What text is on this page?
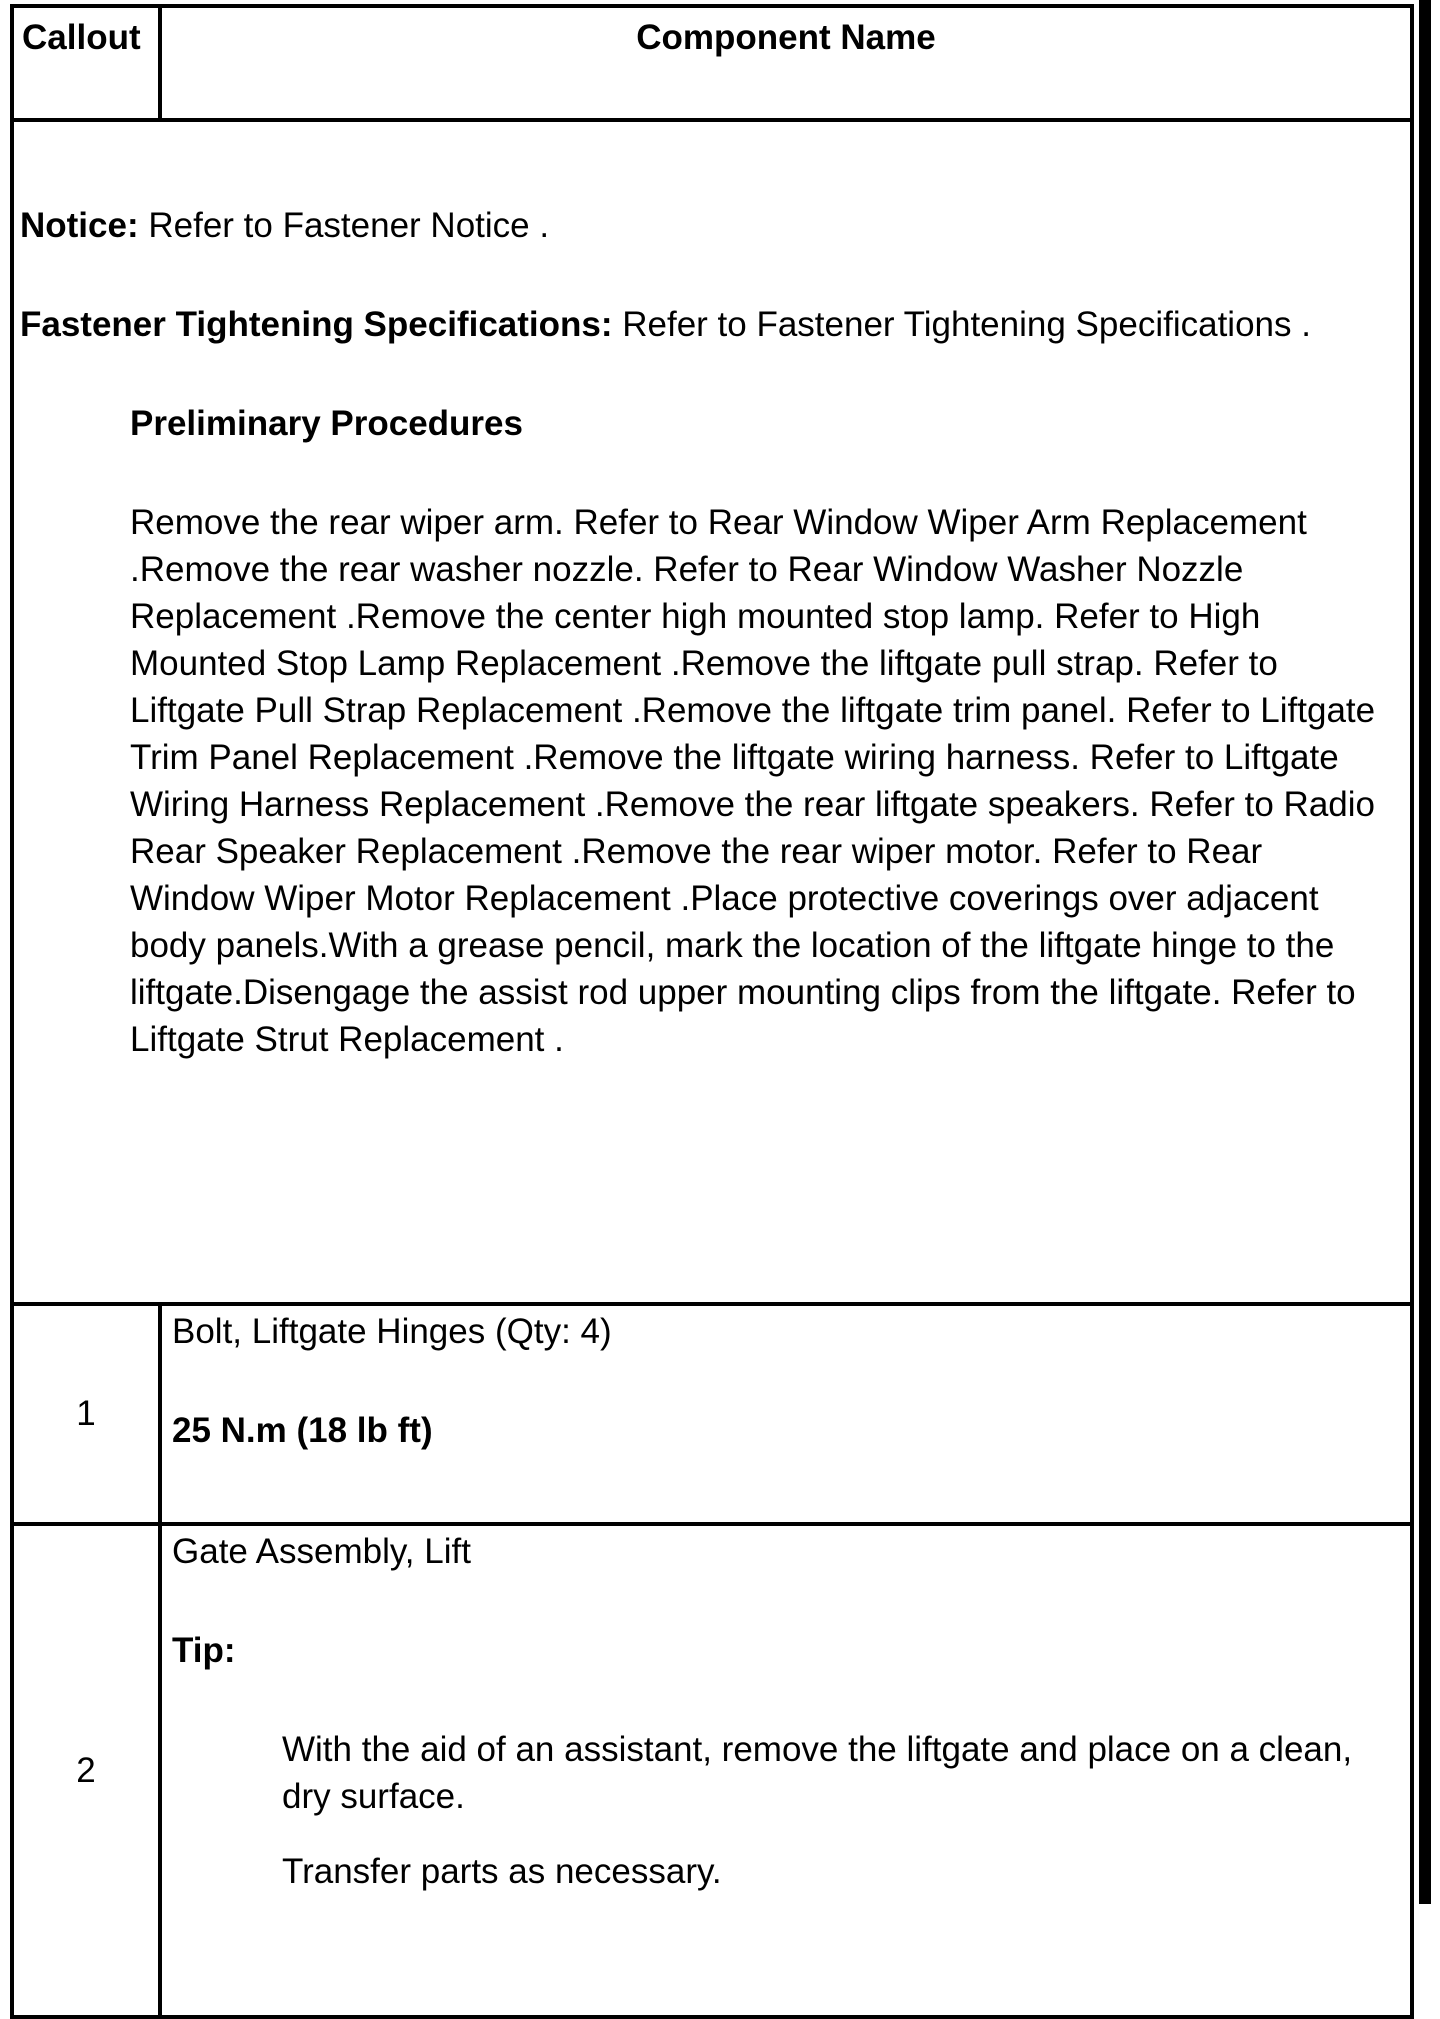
Callout	Component Name

Notice: Refer to Fastener Notice .

Fastener Tightening Specifications: Refer to Fastener Tightening Specifications .

Preliminary Procedures

Remove the rear wiper arm. Refer to Rear Window Wiper Arm Replacement .Remove the rear washer nozzle. Refer to Rear Window Washer Nozzle Replacement .Remove the center high mounted stop lamp. Refer to High Mounted Stop Lamp Replacement .Remove the liftgate pull strap. Refer to Liftgate Pull Strap Replacement .Remove the liftgate trim panel. Refer to Liftgate Trim Panel Replacement .Remove the liftgate wiring harness. Refer to Liftgate Wiring Harness Replacement .Remove the rear liftgate speakers. Refer to Radio Rear Speaker Replacement .Remove the rear wiper motor. Refer to Rear Window Wiper Motor Replacement .Place protective coverings over adjacent body panels.With a grease pencil, mark the location of the liftgate hinge to the liftgate.Disengage the assist rod upper mounting clips from the liftgate. Refer to Liftgate Strut Replacement .	

1	Bolt, Liftgate Hinges (Qty: 4)

25 N.m (18 lb ft)

2	Gate Assembly, Lift

Tip:

With the aid of an assistant, remove the liftgate and place on a clean, dry surface.

Transfer parts as necessary.
